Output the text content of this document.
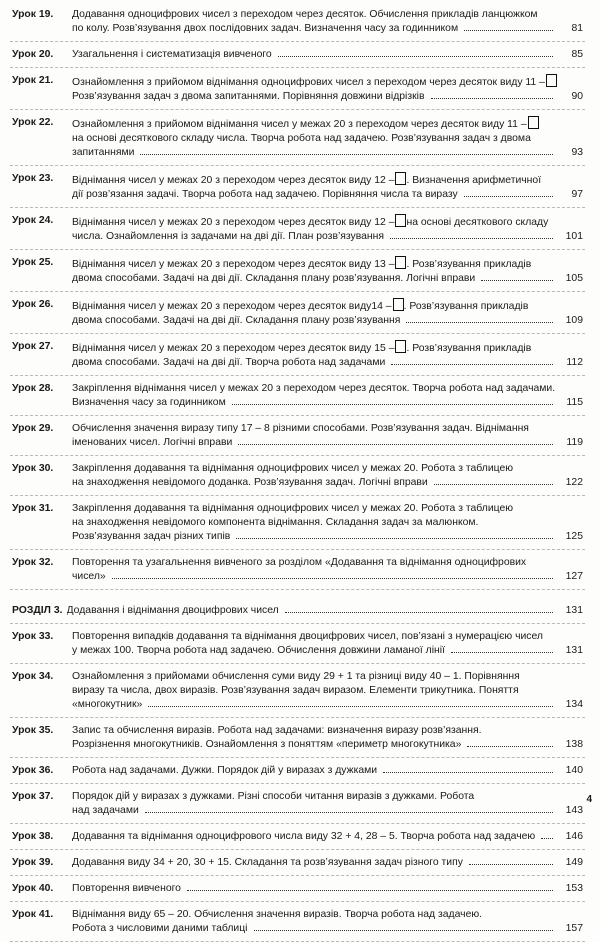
Урок 19.	Додавання одноцифрових чисел з переходом через десяток. Обчислення прикладів ланцюжком
по колу. Розв’язування двох послідовних задач. Визначення часу за годинником	81
Урок 20.	Узагальнення і систематизація вивченого	85
Урок 21.	Ознайомлення з прийомом віднімання одноцифрових чисел з переходом через десяток виду 11 –
Розв’язування задач з двома запитаннями. Порівняння довжини відрізків	90
Урок 22.	Ознайомлення з прийомом віднімання чисел у межах 20 з переходом через десяток виду 11 –
на основі десяткового складу числа. Творча робота над задачею. Розв’язування задач з двома
запитаннями	93
Урок 23.	Віднімання чисел у межах 20 з переходом через десяток виду 12 – . Визначення арифметичної
дії розв’язання задачі. Творча робота над задачею. Порівняння числа та виразу	97
Урок 24.	Віднімання чисел у межах 20 з переходом через десяток виду 12 – на основі десяткового складу
числа. Ознайомлення із задачами на дві дії. План розв’язування	101
Урок 25.	Віднімання чисел у межах 20 з переходом через десяток виду 13 – . Розв’язування прикладів
двома способами. Задачі на дві дії. Складання плану розв’язування. Логічні вправи	105
Урок 26.	Віднімання чисел у межах 20 з переходом через десяток виду14 – . Розв’язування прикладів
двома способами. Задачі на дві дії. Складання плану розв’язування	109
Урок 27.	Віднімання чисел у межах 20 з переходом через десяток виду 15 – . Розв’язування прикладів
двома способами. Задачі на дві дії. Творча робота над задачами	112
Урок 28.	Закріплення віднімання чисел у межах 20 з переходом через десяток. Творча робота над задачами.
Визначення часу за годинником	115
Урок 29.	Обчислення значення виразу типу 17 – 8 різними способами. Розв’язування задач. Віднімання
іменованих чисел. Логічні вправи	119
Урок 30.	Закріплення додавання та віднімання одноцифрових чисел у межах 20. Робота з таблицею
на знаходження невідомого доданка. Розв’язування задач. Логічні вправи	122
Урок 31.	Закріплення додавання та віднімання одноцифрових чисел у межах 20. Робота з таблицею
на знаходження невідомого компонента віднімання. Складання задач за малюнком.
Розв’язування задач різних типів	125
Урок 32.	Повторення та узагальнення вивченого за розділом «Додавання та віднімання одноцифрових
чисел»	127
РОЗДІЛ 3. Додавання і віднімання двоцифрових чисел	131
Урок 33.	Повторення випадків додавання та віднімання двоцифрових чисел, пов’язані з нумерацією чисел
у межах 100. Творча робота над задачею. Обчислення довжини ламаної лінії	131
Урок 34.	Ознайомлення з прийомами обчислення суми виду 29 + 1 та різниці виду 40 – 1. Порівняння
виразу та числа, двох виразів. Розв’язування задач виразом. Елементи трикутника. Поняття
«многокутник»	134
Урок 35.	Запис та обчислення виразів. Робота над задачами: визначення виразу розв’язання.
Розрізнення многокутників. Ознайомлення з поняттям «периметр многокутника»	138
Урок 36.	Робота над задачами. Дужки. Порядок дій у виразах з дужками	140
Урок 37.	Порядок дій у виразах з дужками. Різні способи читання виразів з дужками. Робота
над задачами	143
Урок 38.	Додавання та віднімання одноцифрового числа виду 32 + 4, 28 – 5. Творча робота над задачею	146
Урок 39.	Додавання виду 34 + 20, 30 + 15. Складання та розв’язування задач різного типу	149
Урок 40.	Повторення вивченого	153
Урок 41.	Віднімання виду 65 – 20. Обчислення значення виразів. Творча робота над задачею.
Робота з числовими даними таблиці	157
4
